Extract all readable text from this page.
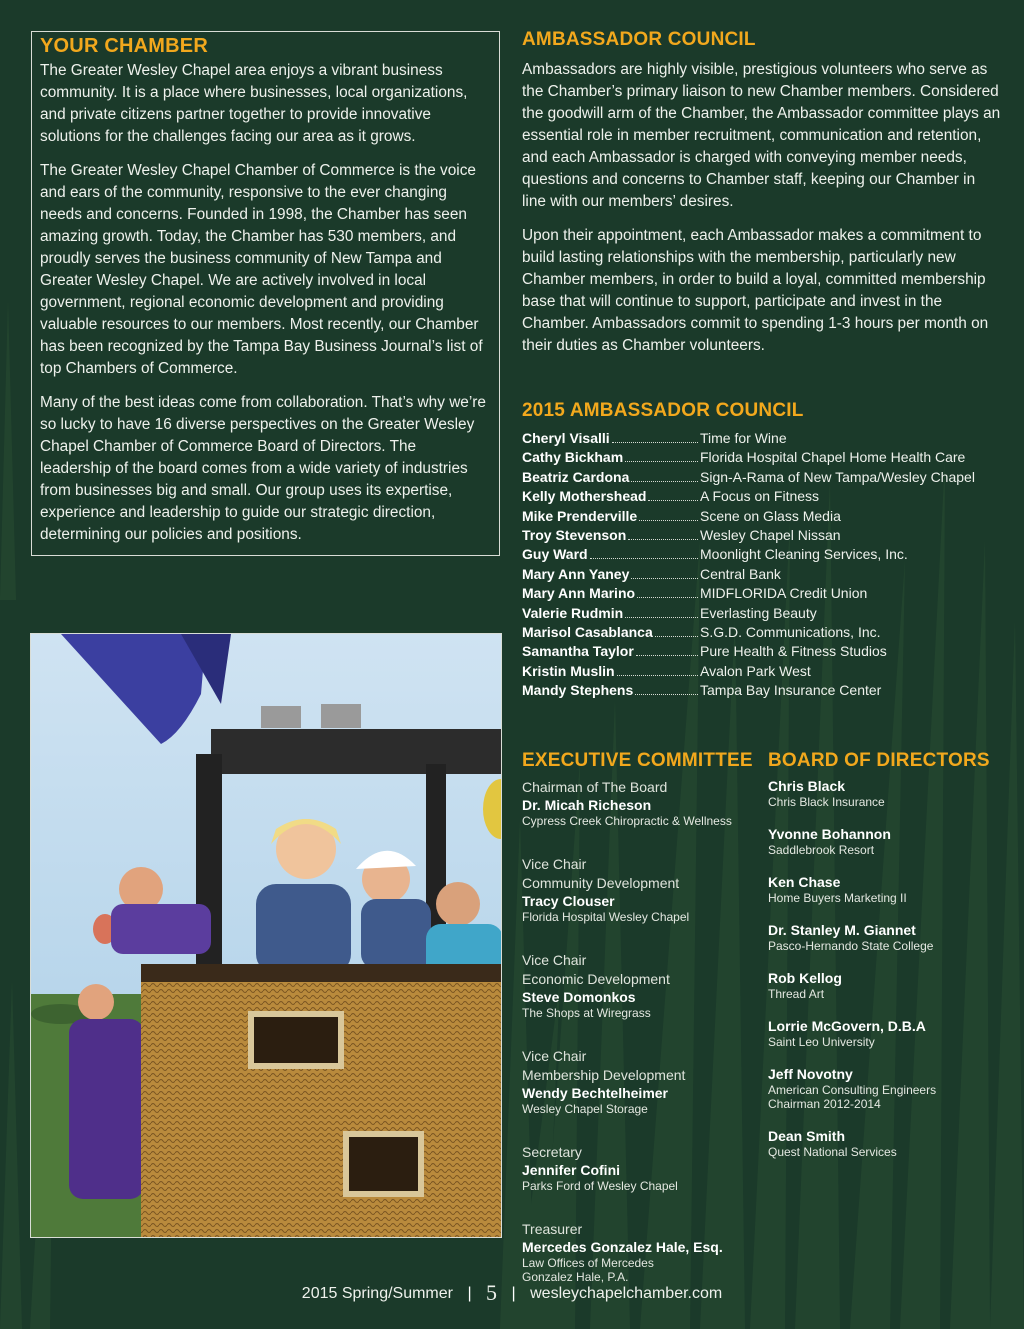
YOUR CHAMBER

The Greater Wesley Chapel area enjoys a vibrant business community. It is a place where businesses, local organizations, and private citizens partner together to provide innovative solutions for the challenges facing our area as it grows.

The Greater Wesley Chapel Chamber of Commerce is the voice and ears of the community, responsive to the ever changing needs and concerns. Founded in 1998, the Chamber has seen amazing growth. Today, the Chamber has 530 members, and proudly serves the business community of New Tampa and Greater Wesley Chapel. We are actively involved in local government, regional economic development and providing valuable resources to our members. Most recently, our Chamber has been recognized by the Tampa Bay Business Journal’s list of top Chambers of Commerce.

Many of the best ideas come from collaboration. That’s why we’re so lucky to have 16 diverse perspectives on the Greater Wesley Chapel Chamber of Commerce Board of Directors. The leadership of the board comes from a wide variety of industries from businesses big and small. Our group uses its expertise, experience and leadership to guide our strategic direction, determining our policies and positions.

AMBASSADOR COUNCIL

Ambassadors are highly visible, prestigious volunteers who serve as the Chamber’s primary liaison to new Chamber members. Considered the goodwill arm of the Chamber, the Ambassador committee plays an essential role in member recruitment, communication and retention, and each Ambassador is charged with conveying member needs, questions and concerns to Chamber staff, keeping our Chamber in line with our members’ desires.

Upon their appointment, each Ambassador makes a commitment to build lasting relationships with the membership, particularly new Chamber members, in order to build a loyal, committed membership base that will continue to support, participate and invest in the Chamber. Ambassadors commit to spending 1-3 hours per month on their duties as Chamber volunteers.

2015 AMBASSADOR COUNCIL
Cheryl Visalli	Time for Wine
Cathy Bickham	Florida Hospital Chapel Home Health Care
Beatriz Cardona	Sign-A-Rama of New Tampa/Wesley Chapel
Kelly Mothershead	A Focus on Fitness
Mike Prenderville	Scene on Glass Media
Troy Stevenson	Wesley Chapel Nissan
Guy Ward	Moonlight Cleaning Services, Inc.
Mary Ann Yaney	Central Bank
Mary Ann Marino	MIDFLORIDA Credit Union
Valerie Rudmin	Everlasting Beauty
Marisol Casablanca	S.G.D. Communications, Inc.
Samantha Taylor	Pure Health & Fitness Studios
Kristin Muslin	Avalon Park West
Mandy Stephens	Tampa Bay Insurance Center
EXECUTIVE COMMITTEE
Chairman of The Board
Dr. Micah Richeson
Cypress Creek Chiropractic & Wellness
Vice Chair
Community Development
Tracy Clouser
Florida Hospital Wesley Chapel
Vice Chair
Economic Development
Steve Domonkos
The Shops at Wiregrass
Vice Chair
Membership Development
Wendy Bechtelheimer
Wesley Chapel Storage
Secretary
Jennifer Cofini
Parks Ford of Wesley Chapel
Treasurer
Mercedes Gonzalez Hale, Esq.
Law Offices of Mercedes
Gonzalez Hale, P.A.
BOARD OF DIRECTORS
Chris Black
Chris Black Insurance
Yvonne Bohannon
Saddlebrook Resort
Ken Chase
Home Buyers Marketing II
Dr. Stanley M. Giannet
Pasco-Hernando State College
Rob Kellog
Thread Art
Lorrie McGovern, D.B.A
Saint Leo University
Jeff Novotny
American Consulting Engineers
Chairman 2012-2014
Dean Smith
Quest National Services
2015 Spring/Summer | 5 | wesleychapelchamber.com
